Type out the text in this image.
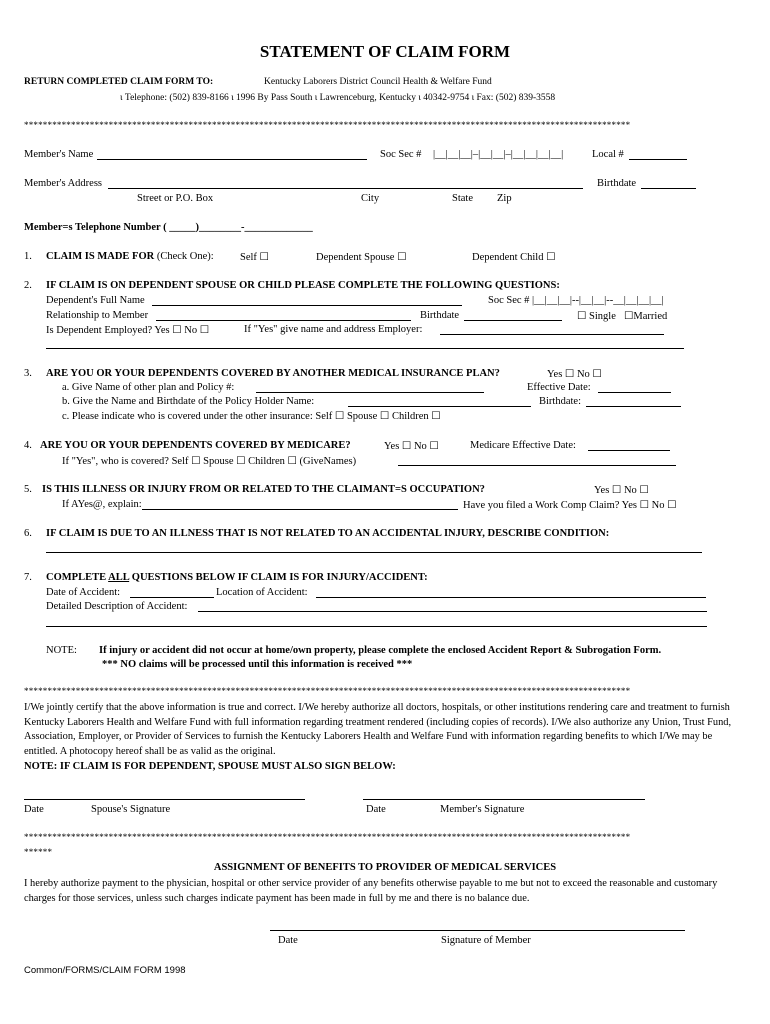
STATEMENT OF CLAIM FORM
RETURN COMPLETED CLAIM FORM TO:	Kentucky Laborers District Council Health & Welfare Fund
ι Telephone: (502) 839-8166 ι 1996 By Pass South ι Lawrenceburg, Kentucky ι 40342-9754 ι Fax: (502) 839-3558
*********************************************************************************************************************************
Member's Name	Soc Sec # |__|__|__|–|__|__|–|__|__|__|__|	Local #
Member's Address	Birthdate
Street or P.O. Box	City	State Zip
Member=s Telephone Number ( _____)________-_____________
1. CLAIM IS MADE FOR (Check One):	Self ☐	Dependent Spouse ☐	Dependent Child ☐
2. IF CLAIM IS ON DEPENDENT SPOUSE OR CHILD PLEASE COMPLETE THE FOLLOWING QUESTIONS:
Dependent's Full Name	Soc Sec # |__|__|__|--|__|__|--__|__|__|__|
Relationship to Member	Birthdate	☐ Single ☐Married
Is Dependent Employed? Yes ☐ No ☐	If "Yes" give name and address Employer:
3. ARE YOU OR YOUR DEPENDENTS COVERED BY ANOTHER MEDICAL INSURANCE PLAN?	Yes ☐ No ☐
a. Give Name of other plan and Policy #:	Effective Date:
b. Give the Name and Birthdate of the Policy Holder Name:	Birthdate:
c. Please indicate who is covered under the other insurance: Self ☐ Spouse ☐ Children ☐
4. ARE YOU OR YOUR DEPENDENTS COVERED BY MEDICARE?	Yes ☐ No ☐	Medicare Effective Date:
If "Yes", who is covered? Self ☐ Spouse ☐ Children ☐ (GiveNames)
5. IS THIS ILLNESS OR INJURY FROM OR RELATED TO THE CLAIMANT=S OCCUPATION?	Yes ☐ No ☐
If AYes@, explain:	Have you filed a Work Comp Claim? Yes ☐ No ☐
6. IF CLAIM IS DUE TO AN ILLNESS THAT IS NOT RELATED TO AN ACCIDENTAL INJURY, DESCRIBE CONDITION:
7. COMPLETE ALL QUESTIONS BELOW IF CLAIM IS FOR INJURY/ACCIDENT:
Date of Accident:	Location of Accident:
Detailed Description of Accident:
NOTE: If injury or accident did not occur at home/own property, please complete the enclosed Accident Report & Subrogation Form.
*** NO claims will be processed until this information is received ***
*********************************************************************************************************************************
I/We jointly certify that the above information is true and correct. I/We hereby authorize all doctors, hospitals, or other institutions rendering care and treatment to furnish Kentucky Laborers Health and Welfare Fund with full information regarding treatment rendered (including copies of records). I/We also authorize any Union, Trust Fund, Association, Employer, or Provider of Services to furnish the Kentucky Laborers Health and Welfare Fund with information regarding benefits to which I/We may be entitled. A photocopy hereof shall be as valid as the original.
NOTE: IF CLAIM IS FOR DEPENDENT, SPOUSE MUST ALSO SIGN BELOW:
Date	Spouse's Signature	Date	Member's Signature
*********************************************************************************************************************************
******
ASSIGNMENT OF BENEFITS TO PROVIDER OF MEDICAL SERVICES
I hereby authorize payment to the physician, hospital or other service provider of any benefits otherwise payable to me but not to exceed the reasonable and customary charges for those services, unless such charges indicate payment has been made in full by me and there is no balance due.
Date	Signature of Member
Common/FORMS/CLAIM FORM 1998
